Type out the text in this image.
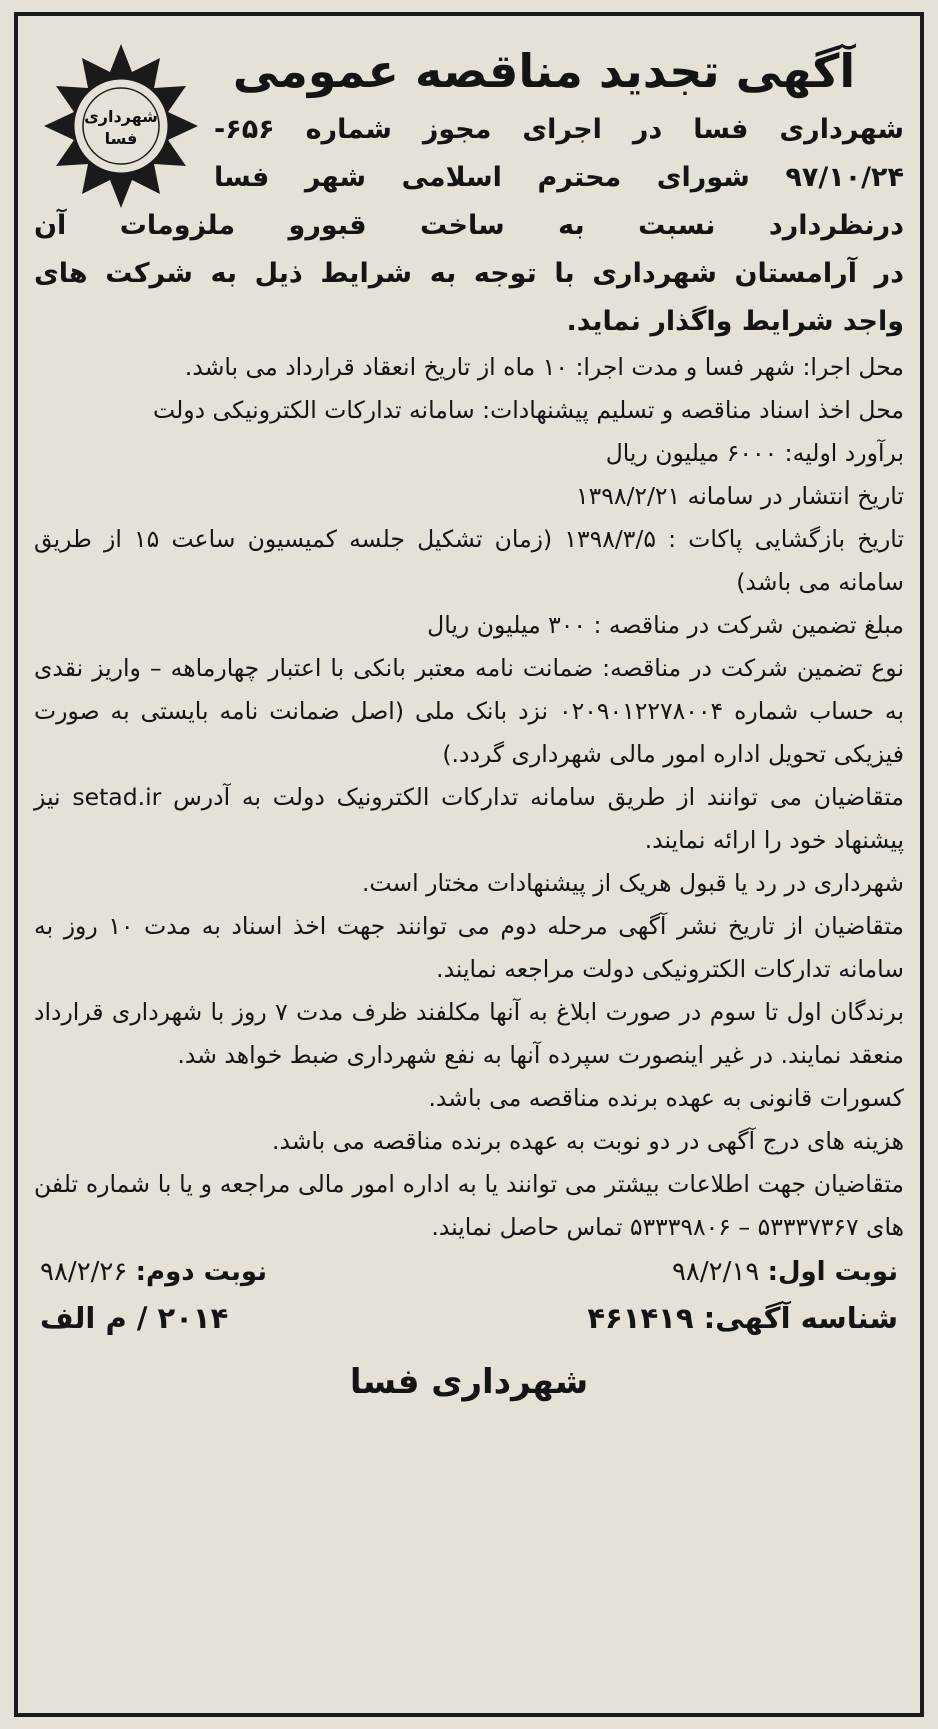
شهرداری
فسا
آگهی تجدید مناقصه عمومی
شهرداری فسا در اجرای مجوز شماره ۶۵۶-
۹۷/۱۰/۲۴ شورای محترم اسلامی شهر فسا
درنظردارد نسبت به ساخت قبورو ملزومات آن
در آرامستان شهرداری با توجه به شرایط ذیل به شرکت های
واجد شرایط واگذار نماید.

محل اجرا: شهر فسا و مدت اجرا: ۱۰ ماه از تاریخ انعقاد قرارداد می باشد.

محل اخذ اسناد مناقصه و تسلیم پیشنهادات: سامانه تدارکات الکترونیکی دولت

برآورد اولیه: ۶۰۰۰ میلیون ریال

تاریخ انتشار در سامانه ۱۳۹۸/۲/۲۱

تاریخ بازگشایی پاکات : ۱۳۹۸/۳/۵ (زمان تشکیل جلسه کمیسیون ساعت ۱۵ از طریق سامانه می باشد)

مبلغ تضمین شرکت در مناقصه : ۳۰۰ میلیون ریال

نوع تضمین شرکت در مناقصه: ضمانت نامه معتبر بانکی با اعتبار چهارماهه – واریز نقدی به حساب شماره ۰۲۰۹۰۱۲۲۷۸۰۰۴ نزد بانک ملی (اصل ضمانت نامه بایستی به صورت فیزیکی تحویل اداره امور مالی شهرداری گردد.)

متقاضیان می توانند از طریق سامانه تدارکات الکترونیک دولت به آدرس setad.ir نیز پیشنهاد خود را ارائه نمایند.

شهرداری در رد یا قبول هریک از پیشنهادات مختار است.

متقاضیان از تاریخ نشر آگهی مرحله دوم می توانند جهت اخذ اسناد به مدت ۱۰ روز به سامانه تدارکات الکترونیکی دولت مراجعه نمایند.

برندگان اول تا سوم در صورت ابلاغ به آنها مکلفند ظرف مدت ۷ روز با شهرداری قرارداد منعقد نمایند. در غیر اینصورت سپرده آنها به نفع شهرداری ضبط خواهد شد.

کسورات قانونی به عهده برنده مناقصه می باشد.

هزینه های درج آگهی در دو نوبت به عهده برنده مناقصه می باشد.

متقاضیان جهت اطلاعات بیشتر می توانند یا به اداره امور مالی مراجعه و یا با شماره تلفن های ۵۳۳۳۷۳۶۷ – ۵۳۳۳۹۸۰۶ تماس حاصل نمایند.

نوبت اول: ۹۸/۲/۱۹
نوبت دوم: ۹۸/۲/۲۶
شناسه آگهی: ۴۶۱۴۱۹
۲۰۱۴ / م الف
شهرداری فسا
